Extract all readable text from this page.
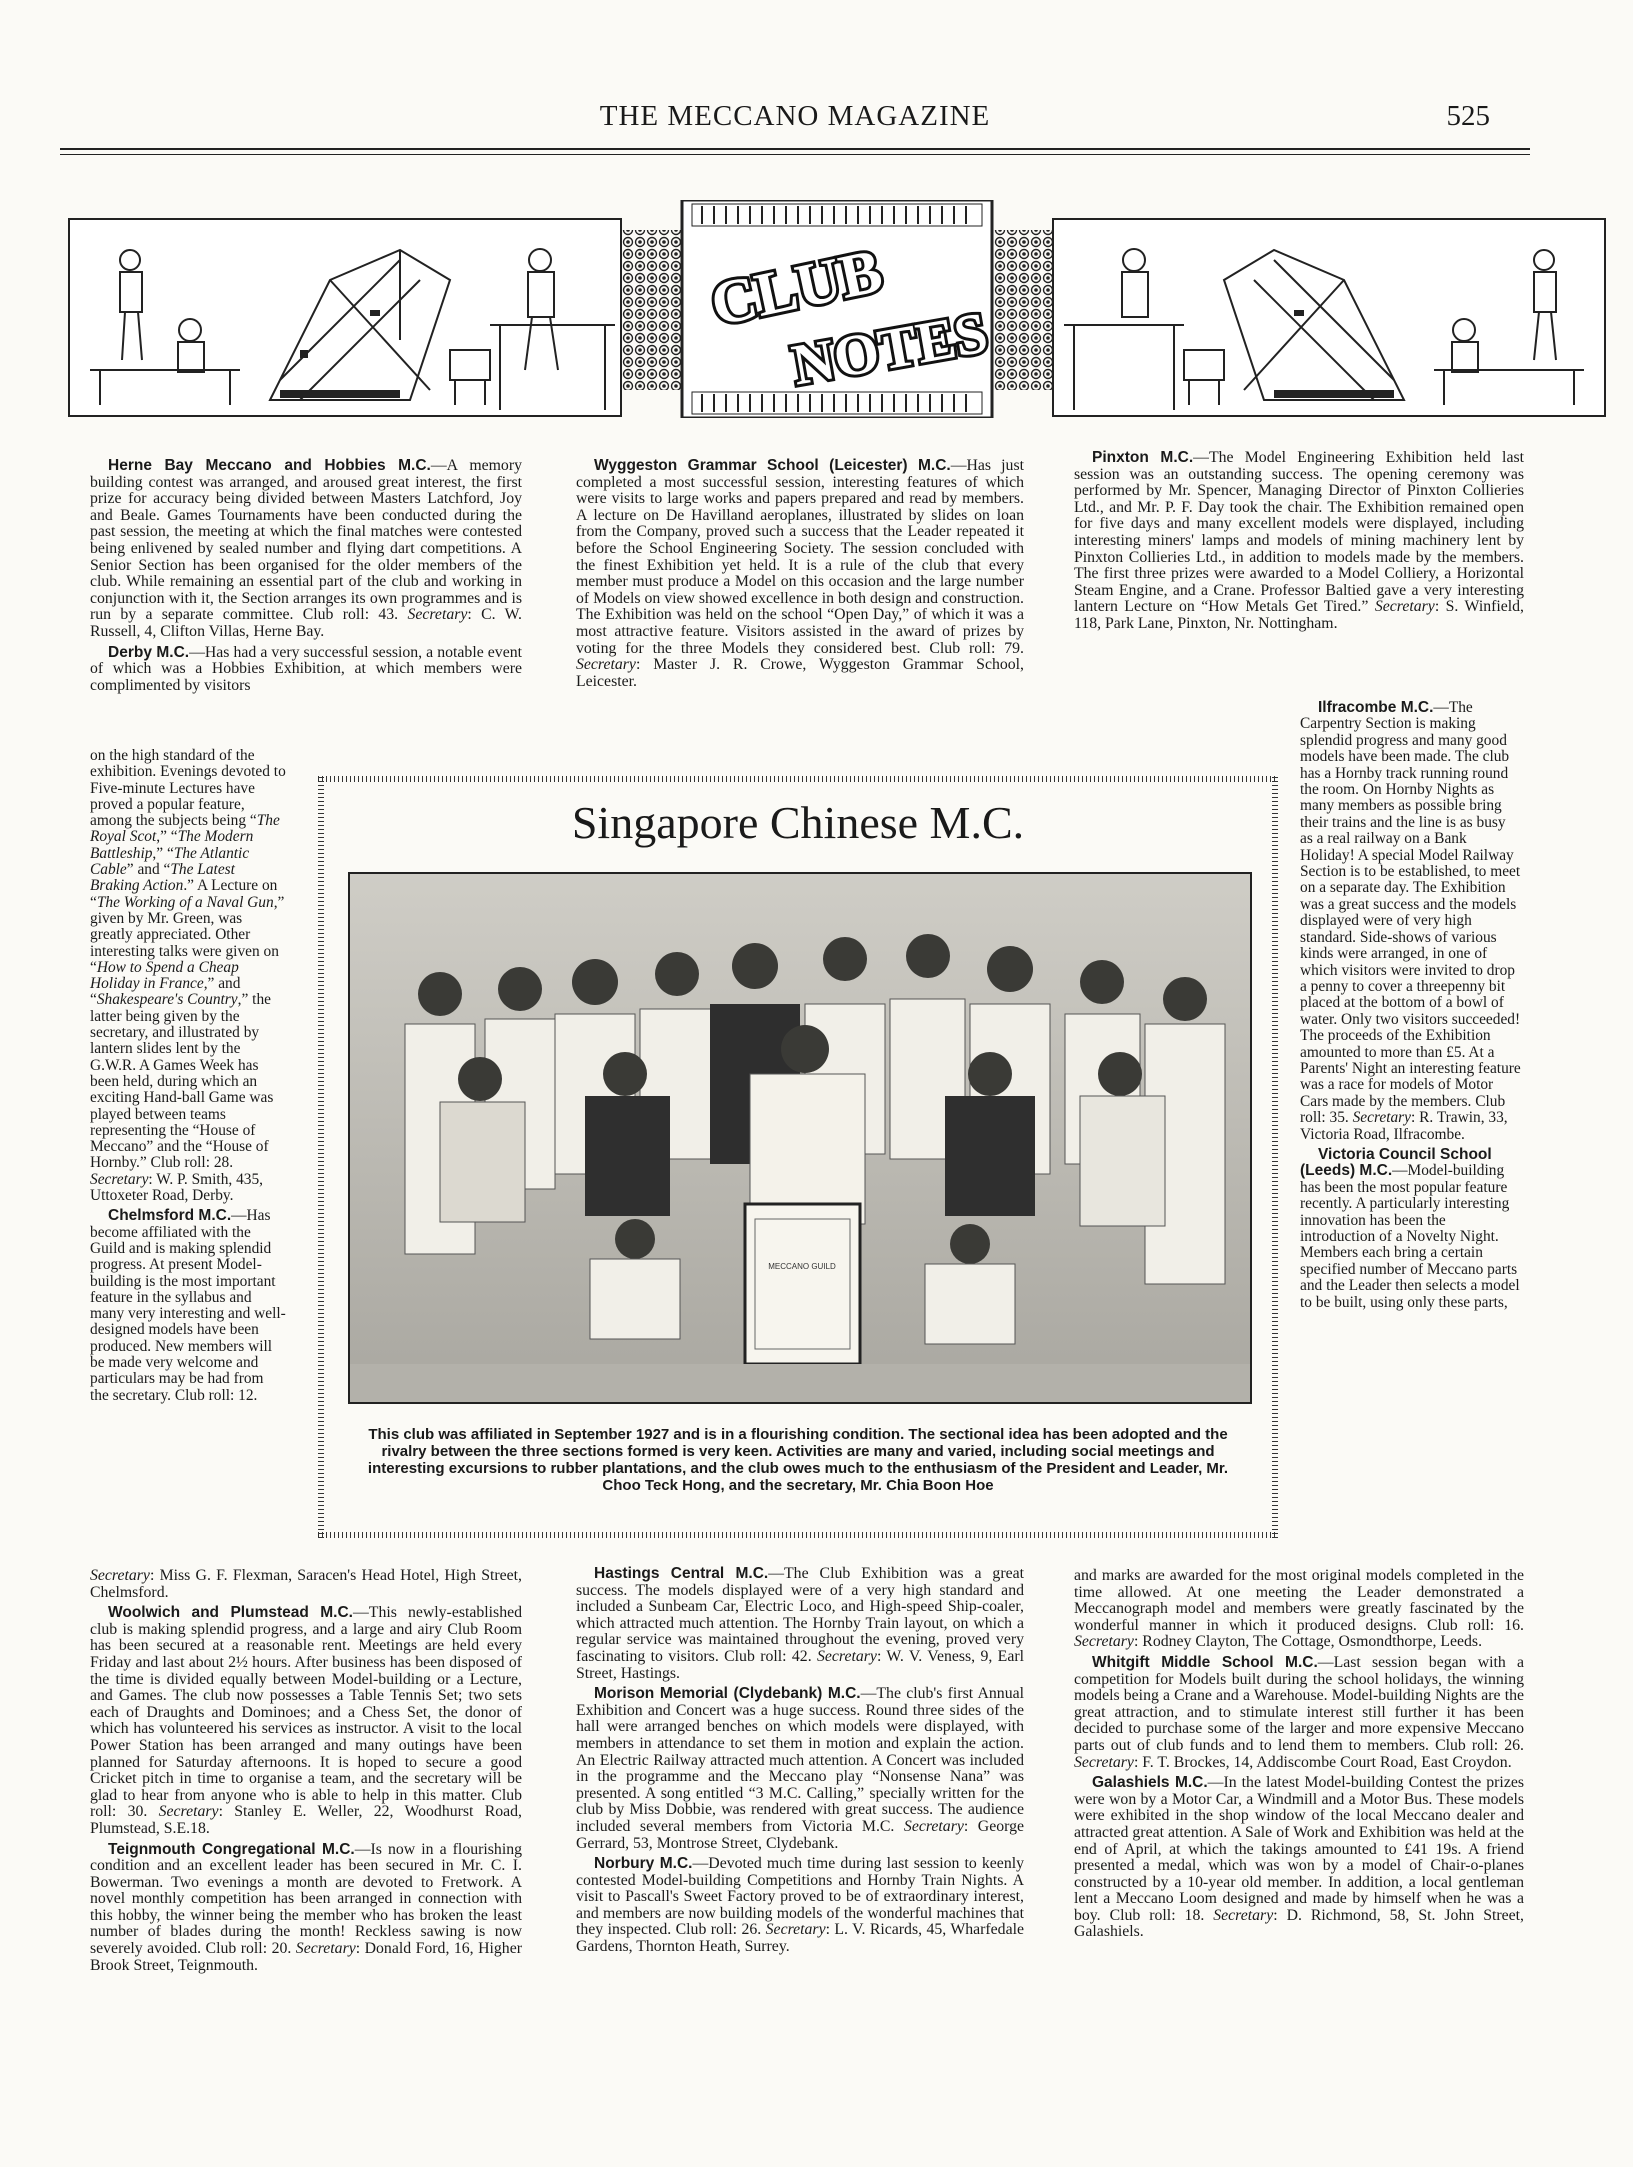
THE MECCANO MAGAZINE	525
CLUB
NOTES

Herne Bay Meccano and Hobbies M.C.—A memory building contest was arranged, and aroused great interest, the first prize for accuracy being divided between Masters Latchford, Joy and Beale. Games Tournaments have been conducted during the past session, the meeting at which the final matches were contested being enlivened by sealed number and flying dart competitions. A Senior Section has been organised for the older members of the club. While remaining an essential part of the club and working in conjunction with it, the Section arranges its own programmes and is run by a separate committee. Club roll: 43. Secretary: C. W. Russell, 4, Clifton Villas, Herne Bay.

Derby M.C.—Has had a very successful session, a notable event of which was a Hobbies Exhibition, at which members were complimented by visitors

on the high standard of the exhibition. Evenings devoted to Five-minute Lectures have proved a popular feature, among the subjects being “The Royal Scot,” “The Modern Battleship,” “The Atlantic Cable” and “The Latest Braking Action.” A Lecture on “The Working of a Naval Gun,” given by Mr. Green, was greatly appreciated. Other interesting talks were given on “How to Spend a Cheap Holiday in France,” and “Shakespeare's Country,” the latter being given by the secretary, and illustrated by lantern slides lent by the G.W.R. A Games Week has been held, during which an exciting Hand-ball Game was played between teams representing the “House of Meccano” and the “House of Hornby.” Club roll: 28. Secretary: W. P. Smith, 435, Uttoxeter Road, Derby.

Chelmsford M.C.—Has become affiliated with the Guild and is making splendid progress. At present Model-building is the most important feature in the syllabus and many very interesting and well-designed models have been produced. New members will be made very welcome and particulars may be had from the secretary. Club roll: 12.

Secretary: Miss G. F. Flexman, Saracen's Head Hotel, High Street, Chelmsford.

Woolwich and Plumstead M.C.—This newly-established club is making splendid progress, and a large and airy Club Room has been secured at a reasonable rent. Meetings are held every Friday and last about 2½ hours. After business has been disposed of the time is divided equally between Model-building or a Lecture, and Games. The club now possesses a Table Tennis Set; two sets each of Draughts and Dominoes; and a Chess Set, the donor of which has volunteered his services as instructor. A visit to the local Power Station has been arranged and many outings have been planned for Saturday afternoons. It is hoped to secure a good Cricket pitch in time to organise a team, and the secretary will be glad to hear from anyone who is able to help in this matter. Club roll: 30. Secretary: Stanley E. Weller, 22, Woodhurst Road, Plumstead, S.E.18.

Teignmouth Congregational M.C.—Is now in a flourishing condition and an excellent leader has been secured in Mr. C. I. Bowerman. Two evenings a month are devoted to Fretwork. A novel monthly competition has been arranged in connection with this hobby, the winner being the member who has broken the least number of blades during the month! Reckless sawing is now severely avoided. Club roll: 20. Secretary: Donald Ford, 16, Higher Brook Street, Teignmouth.

Wyggeston Grammar School (Leicester) M.C.—Has just completed a most successful session, interesting features of which were visits to large works and papers prepared and read by members. A lecture on De Havilland aeroplanes, illustrated by slides on loan from the Company, proved such a success that the Leader repeated it before the School Engineering Society. The session concluded with the finest Exhibition yet held. It is a rule of the club that every member must produce a Model on this occasion and the large number of Models on view showed excellence in both design and construction. The Exhibition was held on the school “Open Day,” of which it was a most attractive feature. Visitors assisted in the award of prizes by voting for the three Models they considered best. Club roll: 79. Secretary: Master J. R. Crowe, Wyggeston Grammar School, Leicester.

Hastings Central M.C.—The Club Exhibition was a great success. The models displayed were of a very high standard and included a Sunbeam Car, Electric Loco, and High-speed Ship-coaler, which attracted much attention. The Hornby Train layout, on which a regular service was maintained throughout the evening, proved very fascinating to visitors. Club roll: 42. Secretary: W. V. Veness, 9, Earl Street, Hastings.

Morison Memorial (Clydebank) M.C.—The club's first Annual Exhibition and Concert was a huge success. Round three sides of the hall were arranged benches on which models were displayed, with members in attendance to set them in motion and explain the action. An Electric Railway attracted much attention. A Concert was included in the programme and the Meccano play “Nonsense Nana” was presented. A song entitled “3 M.C. Calling,” specially written for the club by Miss Dobbie, was rendered with great success. The audience included several members from Victoria M.C. Secretary: George Gerrard, 53, Montrose Street, Clydebank.

Norbury M.C.—Devoted much time during last session to keenly contested Model-building Competitions and Hornby Train Nights. A visit to Pascall's Sweet Factory proved to be of extraordinary interest, and members are now building models of the wonderful machines that they inspected. Club roll: 26. Secretary: L. V. Ricards, 45, Wharfedale Gardens, Thornton Heath, Surrey.

Pinxton M.C.—The Model Engineering Exhibition held last session was an outstanding success. The opening ceremony was performed by Mr. Spencer, Managing Director of Pinxton Collieries Ltd., and Mr. P. F. Day took the chair. The Exhibition remained open for five days and many excellent models were displayed, including interesting miners' lamps and models of mining machinery lent by Pinxton Collieries Ltd., in addition to models made by the members. The first three prizes were awarded to a Model Colliery, a Horizontal Steam Engine, and a Crane. Professor Baltied gave a very interesting lantern Lecture on “How Metals Get Tired.” Secretary: S. Winfield, 118, Park Lane, Pinxton, Nr. Nottingham.

Ilfracombe M.C.—The Carpentry Section is making splendid progress and many good models have been made. The club has a Hornby track running round the room. On Hornby Nights as many members as possible bring their trains and the line is as busy as a real railway on a Bank Holiday! A special Model Railway Section is to be established, to meet on a separate day. The Exhibition was a great success and the models displayed were of very high standard. Side-shows of various kinds were arranged, in one of which visitors were invited to drop a penny to cover a threepenny bit placed at the bottom of a bowl of water. Only two visitors succeeded! The proceeds of the Exhibition amounted to more than £5. At a Parents' Night an interesting feature was a race for models of Motor Cars made by the members. Club roll: 35. Secretary: R. Trawin, 33, Victoria Road, Ilfracombe.

Victoria Council School (Leeds) M.C.—Model-building has been the most popular feature recently. A particularly interesting innovation has been the introduction of a Novelty Night. Members each bring a certain specified number of Meccano parts and the Leader then selects a model to be built, using only these parts,

and marks are awarded for the most original models completed in the time allowed. At one meeting the Leader demonstrated a Meccanograph model and members were greatly fascinated by the wonderful manner in which it produced designs. Club roll: 16. Secretary: Rodney Clayton, The Cottage, Osmondthorpe, Leeds.

Whitgift Middle School M.C.—Last session began with a competition for Models built during the school holidays, the winning models being a Crane and a Warehouse. Model-building Nights are the great attraction, and to stimulate interest still further it has been decided to purchase some of the larger and more expensive Meccano parts out of club funds and to lend them to members. Club roll: 26. Secretary: F. T. Brockes, 14, Addiscombe Court Road, East Croydon.

Galashiels M.C.—In the latest Model-building Contest the prizes were won by a Motor Car, a Windmill and a Motor Bus. These models were exhibited in the shop window of the local Meccano dealer and attracted great attention. A Sale of Work and Exhibition was held at the end of April, at which the takings amounted to £41 19s. A friend presented a medal, which was won by a model of Chair-o-planes constructed by a 10-year old member. In addition, a local gentleman lent a Meccano Loom designed and made by himself when he was a boy. Club roll: 18. Secretary: D. Richmond, 58, St. John Street, Galashiels.

Singapore Chinese M.C.
MECCANO GUILD
This club was affiliated in September 1927 and is in a flourishing condition. The sectional idea has been adopted and the rivalry between the three sections formed is very keen. Activities are many and varied, including social meetings and interesting excursions to rubber plantations, and the club owes much to the enthusiasm of the President and Leader, Mr. Choo Teck Hong, and the secretary, Mr. Chia Boon Hoe
